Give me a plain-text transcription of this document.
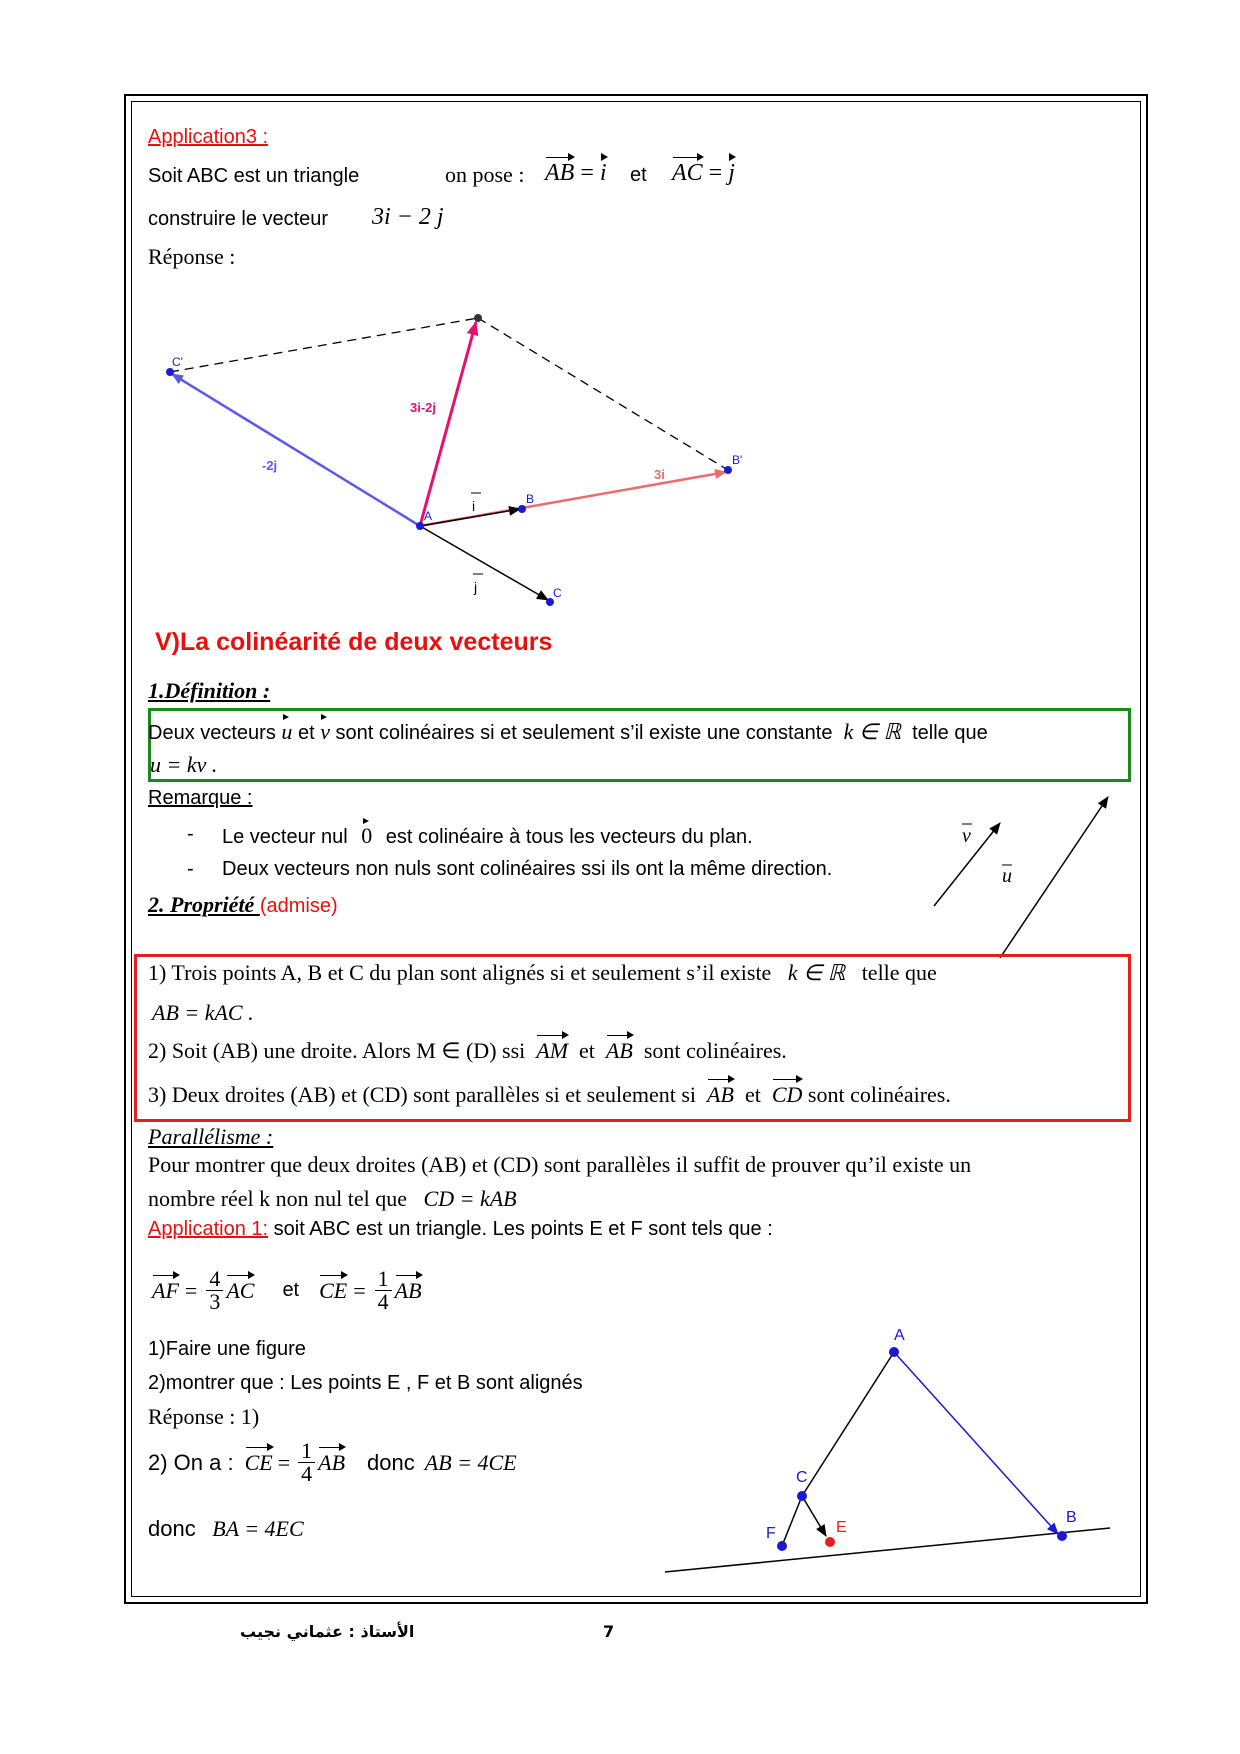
Application3 :
Soit ABC est un triangle	on pose : AB = i et AC = j
construire le vecteur 3i − 2 j
Réponse :
C'
B'
A
B
C
i
j
3i
-2j
3i-2j
V)La colinéarité de deux vecteurs
1.Définition :
Deux vecteurs u et v sont colinéaires si et seulement s’il existe une constante k ∈ ℝ telle que
u = kv .
Remarque :
- Le vecteur nul 0 est colinéaire à tous les vecteurs du plan.
- Deux vecteurs non nuls sont colinéaires ssi ils ont la même direction.
2. Propriété (admise)
v
u
1) Trois points A, B et C du plan sont alignés si et seulement s’il existe k ∈ ℝ telle que
AB = kAC .
2) Soit (AB) une droite. Alors M ∈ (D) ssi AM et AB sont colinéaires.
3) Deux droites (AB) et (CD) sont parallèles si et seulement si AB et CD sont colinéaires.
Parallélisme :
Pour montrer que deux droites (AB) et (CD) sont parallèles il suffit de prouver qu’il existe un
nombre réel k non nul tel que CD = kAB
Application 1: soit ABC est un triangle. Les points E et F sont tels que :
AF = $\frac{4}{3}$ AC et CE = $\frac{1}{4}$ AB
1)Faire une figure
2)montrer que : Les points E , F et B sont alignés
Réponse : 1)
2) On a :
CE = $\frac{1}{4}$ AB donc AB = 4CE
donc BA = 4EC
A
B
C
E
F
الأستاذ : عثماني نجيب	7
